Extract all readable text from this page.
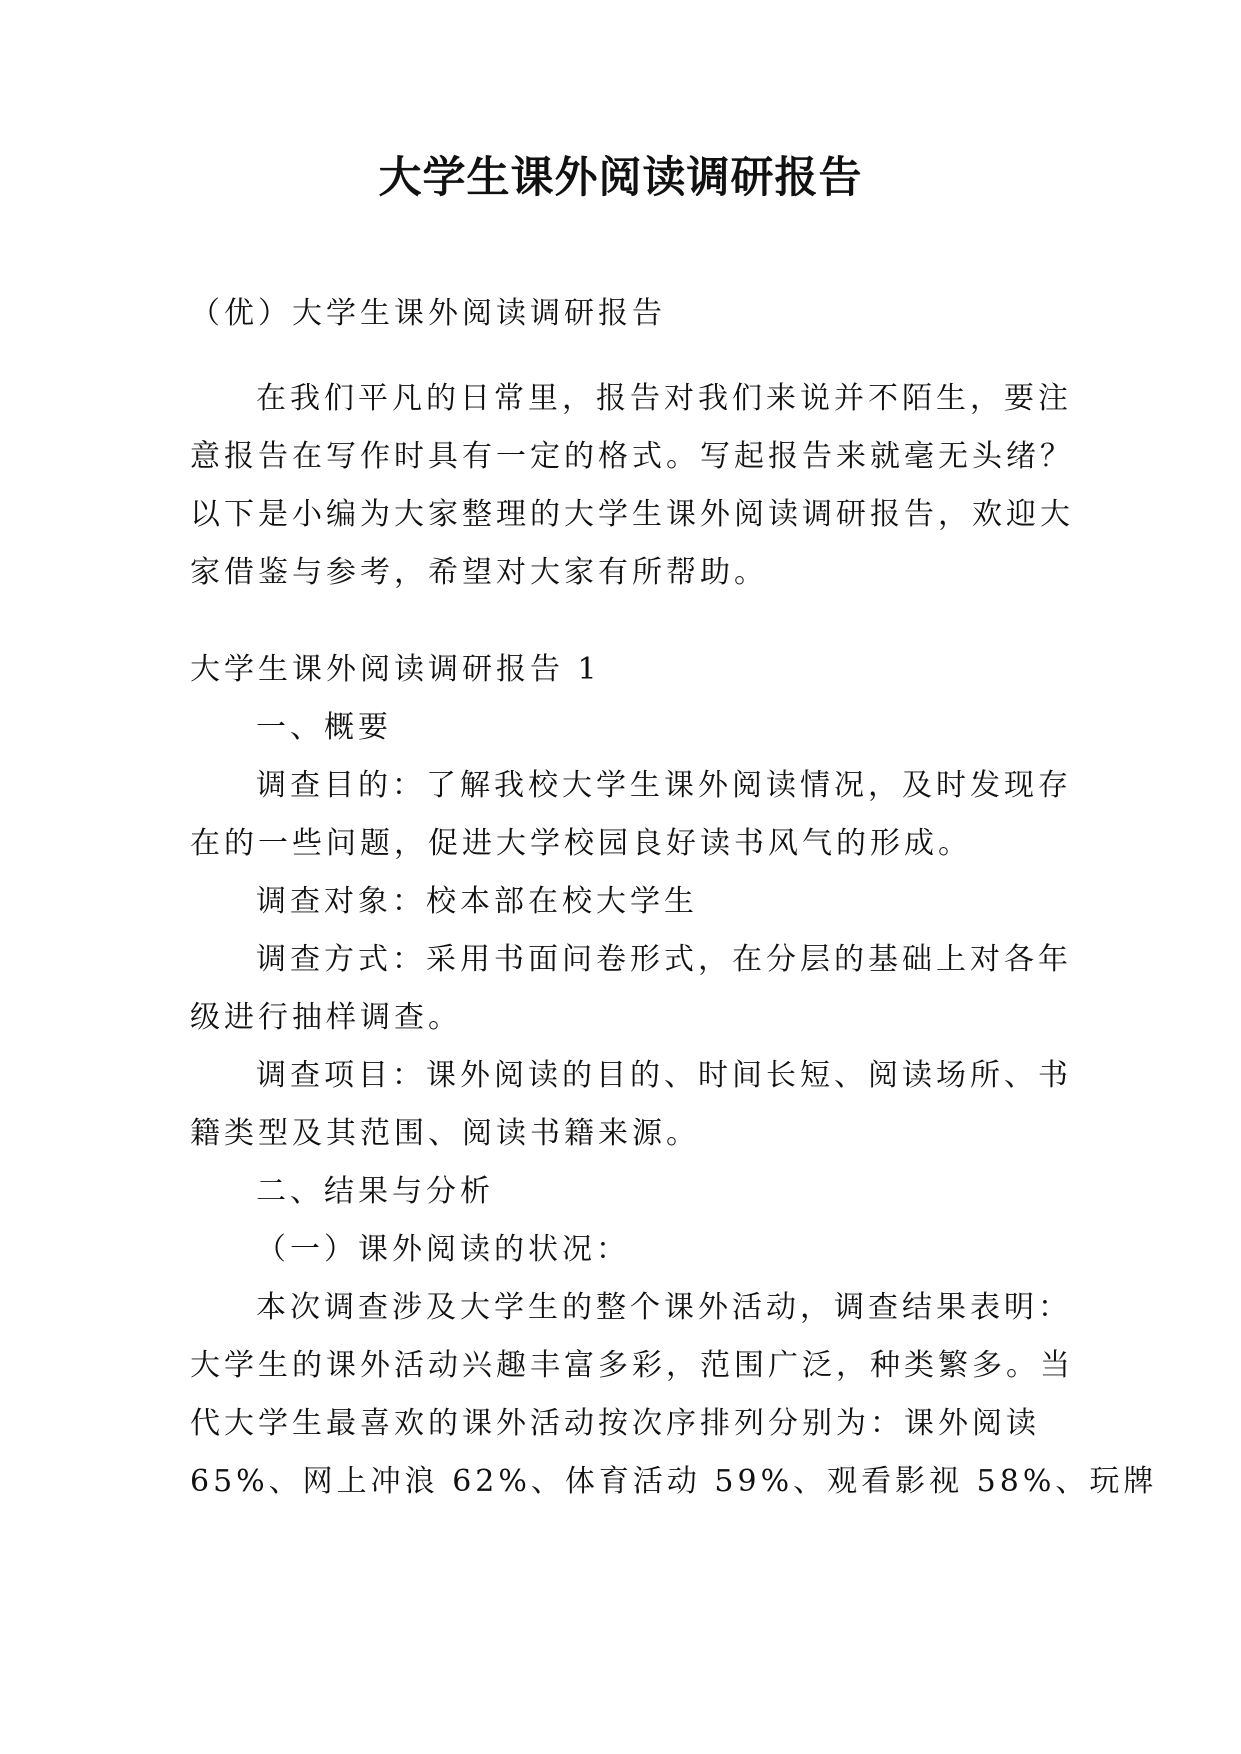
大学生课外阅读调研报告

（优）大学生课外阅读调研报告

在我们平凡的日常里，报告对我们来说并不陌生，要注
意报告在写作时具有一定的格式。写起报告来就毫无头绪？
以下是小编为大家整理的大学生课外阅读调研报告，欢迎大
家借鉴与参考，希望对大家有所帮助。

大学生课外阅读调研报告 1

一、概要

调查目的：了解我校大学生课外阅读情况，及时发现存
在的一些问题，促进大学校园良好读书风气的形成。

调查对象：校本部在校大学生

调查方式：采用书面问卷形式，在分层的基础上对各年
级进行抽样调查。
调查项目：课外阅读的目的、时间长短、阅读场所、书
籍类型及其范围、阅读书籍来源。

二、结果与分析

（一）课外阅读的状况：

本次调查涉及大学生的整个课外活动，调查结果表明：
大学生的课外活动兴趣丰富多彩，范围广泛，种类繁多。当
代大学生最喜欢的课外活动按次序排列分别为：课外阅读
65%、网上冲浪 62%、体育活动 59%、观看影视 58%、玩牌
